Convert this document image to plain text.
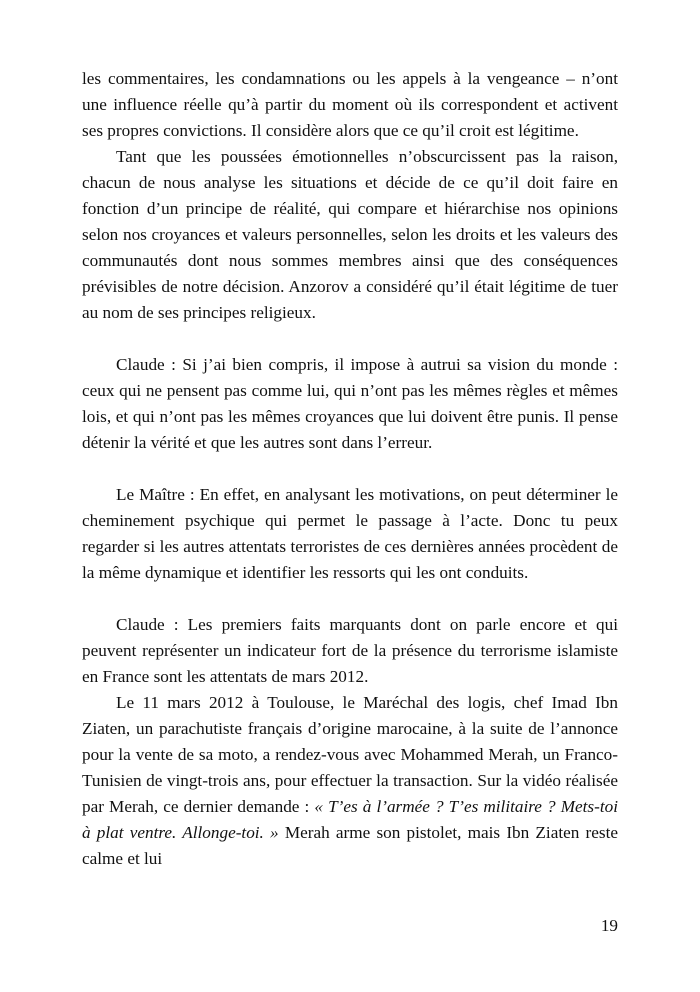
les commentaires, les condamnations ou les appels à la vengeance – n’ont une influence réelle qu’à partir du moment où ils correspondent et activent ses propres convictions. Il considère alors que ce qu’il croit est légitime.

Tant que les poussées émotionnelles n’obscurcissent pas la raison, chacun de nous analyse les situations et décide de ce qu’il doit faire en fonction d’un principe de réalité, qui compare et hiérarchise nos opinions selon nos croyances et valeurs personnelles, selon les droits et les valeurs des communautés dont nous sommes membres ainsi que des conséquences prévisibles de notre décision. Anzorov a considéré qu’il était légitime de tuer au nom de ses principes religieux.

Claude : Si j’ai bien compris, il impose à autrui sa vision du monde : ceux qui ne pensent pas comme lui, qui n’ont pas les mêmes règles et mêmes lois, et qui n’ont pas les mêmes croyances que lui doivent être punis. Il pense détenir la vérité et que les autres sont dans l’erreur.

Le Maître : En effet, en analysant les motivations, on peut déterminer le cheminement psychique qui permet le passage à l’acte. Donc tu peux regarder si les autres attentats terroristes de ces dernières années procèdent de la même dynamique et identifier les ressorts qui les ont conduits.

Claude : Les premiers faits marquants dont on parle encore et qui peuvent représenter un indicateur fort de la présence du terrorisme islamiste en France sont les attentats de mars 2012.

Le 11 mars 2012 à Toulouse, le Maréchal des logis, chef Imad Ibn Ziaten, un parachutiste français d’origine marocaine, à la suite de l’annonce pour la vente de sa moto, a rendez-vous avec Mohammed Merah, un Franco-Tunisien de vingt-trois ans, pour effectuer la transaction. Sur la vidéo réalisée par Merah, ce dernier demande : « T’es à l’armée ? T’es militaire ? Mets-toi à plat ventre. Allonge-toi. » Merah arme son pistolet, mais Ibn Ziaten reste calme et lui

19
